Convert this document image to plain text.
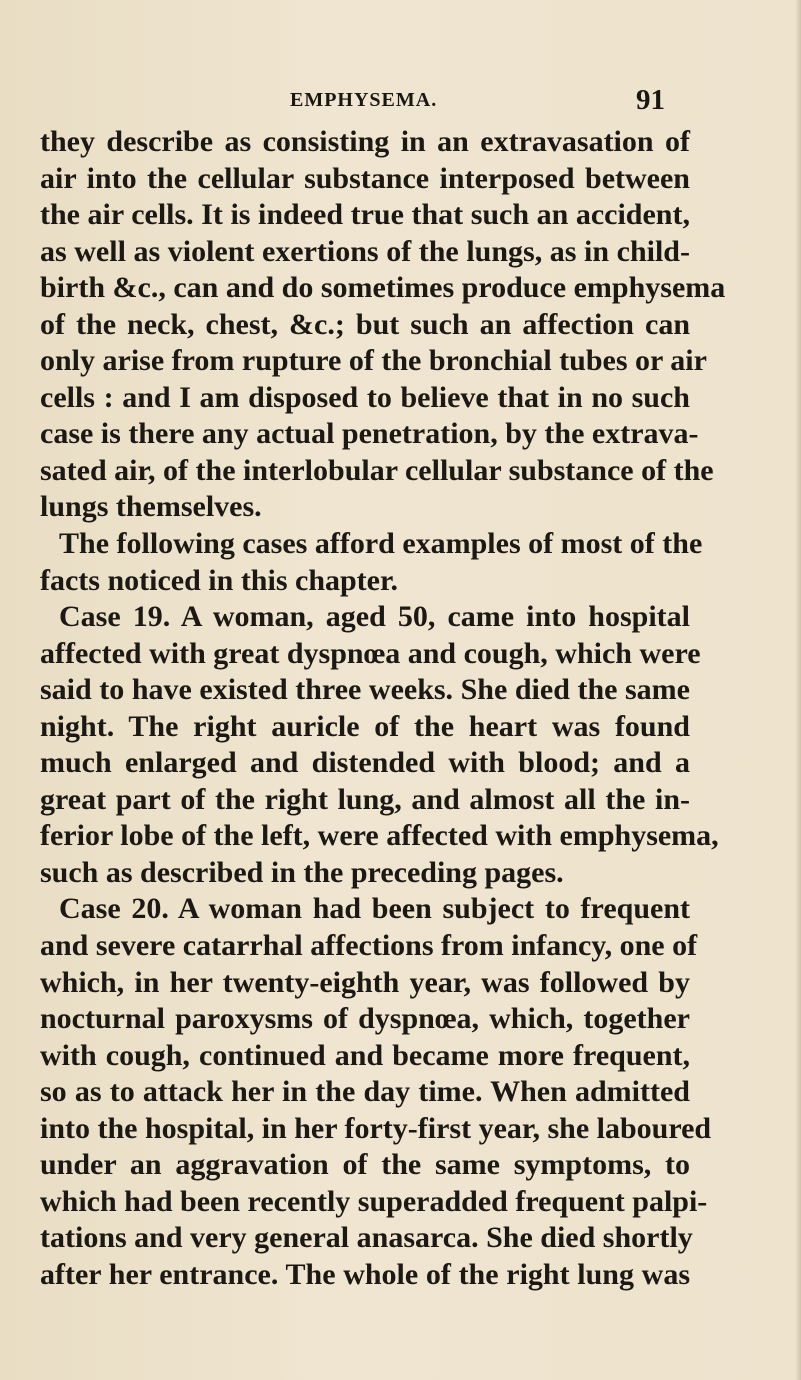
EMPHYSEMA.	91
they describe as consisting in an extravasation of
air into the cellular substance interposed between
the air cells. It is indeed true that such an accident,
as well as violent exertions of the lungs, as in child-
birth &c., can and do sometimes produce emphysema
of the neck, chest, &c.; but such an affection can
only arise from rupture of the bronchial tubes or air
cells : and I am disposed to believe that in no such
case is there any actual penetration, by the extrava-
sated air, of the interlobular cellular substance of the
lungs themselves.
The following cases afford examples of most of the
facts noticed in this chapter.
Case 19. A woman, aged 50, came into hospital
affected with great dyspnœa and cough, which were
said to have existed three weeks. She died the same
night. The right auricle of the heart was found
much enlarged and distended with blood; and a
great part of the right lung, and almost all the in-
ferior lobe of the left, were affected with emphysema,
such as described in the preceding pages.
Case 20. A woman had been subject to frequent
and severe catarrhal affections from infancy, one of
which, in her twenty-eighth year, was followed by
nocturnal paroxysms of dyspnœa, which, together
with cough, continued and became more frequent,
so as to attack her in the day time. When admitted
into the hospital, in her forty-first year, she laboured
under an aggravation of the same symptoms, to
which had been recently superadded frequent palpi-
tations and very general anasarca. She died shortly
after her entrance. The whole of the right lung was
